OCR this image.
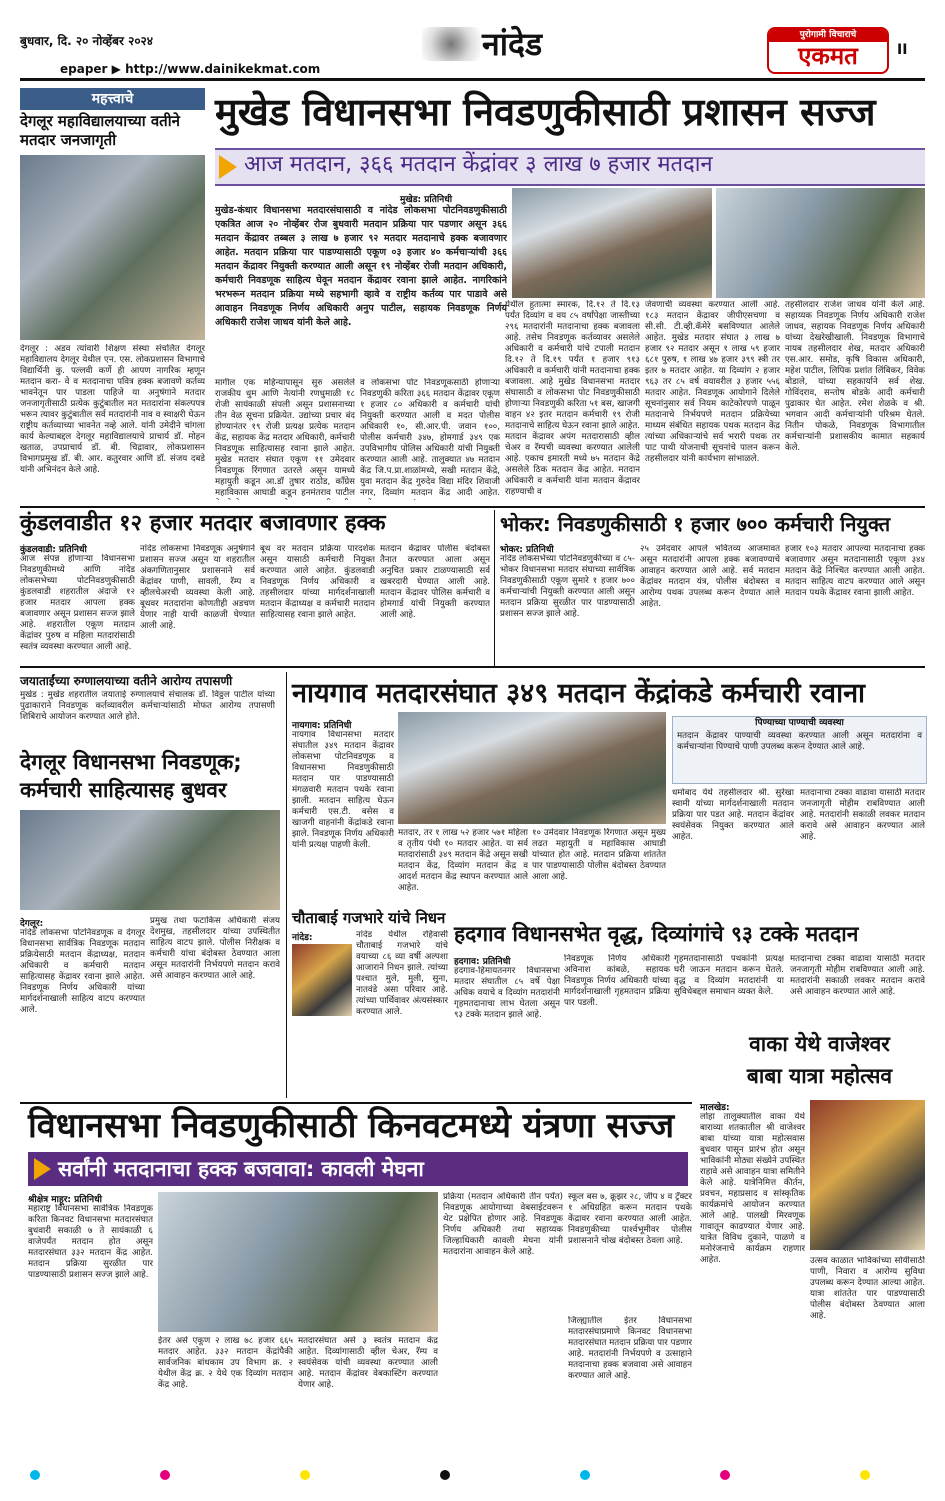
बुधवार, दि. २० नोव्हेंबर २०२४	नांदेड
epaper ▶ http://www.dainikekmat.com
पुरोगामी विचाराचे
एकमत	II
महत्त्वाचे
देगलूर महाविद्यालयाच्या वतीने मतदार जनजागृती
देगलूर : अडव त्यांवारी शिक्षण संस्था संचलित देगलूर महाविद्यालय देगलूर येथील एन. एस. लोकप्रशासन विभागाचे विद्यार्थिनी कु. पल्लवी कर्णे ही आपण नागरिक म्हणून मतदान करा- वे व मतदानाचा पवित्र हक्क बजावणे कर्तव्य भावनेतून पार पाडला पाहिजे या अनुषंगाने मतदार जनजागृतीसाठी प्रत्येक कुटुंबातील मत मतदारांना संकल्पपत्र भरून त्यावर कुटुंबातील सर्व मतदारांनी नाव व स्वाक्षरी घेऊन राष्ट्रीय कर्तव्याच्या भावनेत नव्हे आले. यांनी उमेदीने चांगला कार्य केल्याबद्दल देगलूर महाविद्यालयाचे प्राचार्य डॉ. मोहन खताळ, उपप्राचार्य डॉ. बी. चिद्रावार, लोकप्रशासन विभागप्रमुख डॉ. बी. आर. कतुरवार आणि डॉ. संजय दबडे यांनी अभिनंदन केले आहे.
मुखेड विधानसभा निवडणुकीसाठी प्रशासन सज्ज
आज मतदान, ३६६ मतदान केंद्रांवर ३ लाख ७ हजार मतदान
मुखेड: प्रतिनिधी
मुखेड-कंधार विधानसभा मतदारसंघासाठी व नांदेड लोकसभा पोटनिवडणुकीसाठी एकत्रित आज २० नोव्हेंबर रोज बुधवारी मतदान प्रक्रिया पार पडणार असून ३६६ मतदान केंद्रावर तब्बल ३ लाख ७ हजार ९२ मतदार मतदानाचे हक्क बजावणार आहेत. मतदान प्रक्रिया पार पाडण्यासाठी एकूण ०३ हजार ४० कर्मचाऱ्यांची ३६६ मतदान केंद्रावर नियुक्ती करण्यात आली असून १९ नोव्हेंबर रोजी मतदान अधिकारी, कर्मचारी निवडणूक साहित्य घेवून मतदान केंद्रावर रवाना झाले आहेत. नागरिकांने भरभरून मतदान प्रक्रिया मध्ये सहभागी व्हावे व राष्ट्रीय कर्तव्य पार पाडावे असे आवाहन निवडणूक निर्णय अधिकारी अनुप पाटील, सहायक निवडणूक निर्णय अधिकारी राजेश जाधव यांनी केले आहे.
मागील एक महिन्यापासून सुरु असलेले राजकीय धुम आणि नेत्यांनी रणधुमाळी १८ रोजी सायंकाळी संपली असून प्रशासनाच्या तीन वेळ सूचना प्रक्रियेत. उद्यांच्या प्रचार बंद होण्यानंतर १९ रोजी प्रत्यक्ष प्रत्येक मतदान केंद्र, सहायक केंद्र मतदार अधिकारी, कर्मचारी निवडणूक साहित्यासह रवाना झाले आहेत. मुखेड मतदार संघात एकूण ११ उमेदवार निवडणूक रिंगणात उतरले असून यामध्ये महायुती कडून आ.डॉ तुषार राठोड, काँग्रेस महाविकास आघाडी कडून हनमंतराव पाटील
व लोकसभा पोट निवडणूकसाठी होणाऱ्या निवडणुकी करिता ३६६ मतदान केंद्रावर एकूण १ हजार ८० अधिकारी व कर्मचारी यांची नियुक्ती करण्यात आली व मदत पोलीस अधिकारी १०, सी.आर.पी. जवान १००, पोलीस कर्मचारी ३४७, होमगार्ड ३४९ एक उपविभागीय पोलिस अधिकारी यांची नियुक्ती करण्यात आली आहे. तालुक्यात ४७ मतदान केंद्र जि.प.प्रा.शाळांमध्ये, सखी मतदान केंद्रे, युवा मतदान केंद्र गुरुदेव विद्या मंदिर शिवाजी नगर, दिव्यांग मतदान केंद्र आदी आहेत.
येथील हुतात्मा स्मारक, दि.१२ ते दि.१३ पर्यंत दिव्यांग व वय ८५ वर्षांपेक्षा जास्तीच्या २९६ मतदारांनी मतदानाचा हक्क बजावला आहे. तसेच निवडणूक कर्तव्यावर असलेले अधिकारी व कर्मचारी यांचे टपाली मतदान दि.१२ ते दि.१९ पर्यंत १ हजार ९१३ अधिकारी व कर्मचारी यांनी मतदानाचा हक्क बजावला. आहे मुखेड विधानसभा मतदार संघासाठी व लोकसभा पोट निवडणुकीसाठी होणाऱ्या निवडणुकी करिता ५१ बस, खाजगी वाहन ४२ इतर मतदान कर्मचारी १९ रोजी मतदानाचे साहित्य घेऊन रवाना झाले आहेत. मतदान केंद्रावर अपंग मतदारासाठी व्हील चेअर व रॅम्पची व्यवस्था करण्यात आलेली आहे. एकाच इमारती मध्ये ७५ मतदान केंद्रे असलेले ठिक मतदान केंद्र आहेत. मतदान अधिकारी व कर्मचारी यांना मतदान केंद्रावर राहण्याची व
जेवणाची व्यवस्था करण्यात आली आहे. १८३ मतदान केंद्रावर जीपीएसचणा व सी.सी. टी.व्ही.कॅमेरे बसविण्यात आलेले आहेत. मुखेड मतदार संघात ३ लाख ७ हजार ९२ मतदार असून १ लाख ५९ हजार ६८१ पुरुष, १ लाख ४७ हजार ३९९ स्त्री तर इतर ७ मतदार आहेत. या दिव्यांग २ हजार ९६३ तर ८५ वर्ष वयावरील ३ हजार ५५६ मतदार आहेत. निवडणूक आयोगाने दिलेले सूचनांनुसार सर्व नियम काटेकोरपणे पाळून मतदानाचे निर्भयपणे मतदान प्रक्रियेच्या माध्यम संबंधित सहायक पथक मतदान केंद्र त्यांच्या अधिकाऱ्यांचे सर्व भरारी पथक तर पाट पाथी योजनाची सूचनांचे पालन करून तहसीलदार यांनी कार्यभाग सांभाळले.
तहसीलदार राजेश जाधव यांनी केले आहे. सहाय्यक निवडणूक निर्णय अधिकारी राजेश जाधव, सहायक निवडणूक निर्णय अधिकारी यांच्या देखरेखीखाली. निवडणूक विभागाचे नायब तहसीलदार शेख, मतदार अधिकारी एस.आर. समोड, कृषि विकास अधिकारी, महेश पाटील, लिपिक प्रशांत लिंबिकर, विवेक बोडाले, यांच्या सहकार्याने सर्व शेख. गोविंदराव, सन्तोष बोडके आदी कर्मचारी पुढाकार घेत आहेत. रमेश शेळके व श्री. भगवान आदी कर्मचाऱ्यांनी परिश्रम घेतले. नितीन पोकळे, निवडणूक विभागातील कर्मचाऱ्यांनी प्रशासकीय कामात सहकार्य केले.
कुंडलवाडीत १२ हजार मतदार बजावणार हक्क
कुंडलवाडी: प्रतिनिधी
आज संपन्न होणाऱ्या विधानसभा निवडणुकीमध्ये आणि नांदेड लोकसभेच्या पोटनिवडणुकीसाठी कुंडलवाडी शहरातील अंदाजे १२ हजार मतदार आपला हक्क बजावणार असून प्रशासन सज्ज झाले आहे. शहरातील एकूण मतदान केंद्रांवर पुरुष व महिला मतदारांसाठी स्वतंत्र व्यवस्था करण्यात आली आहे.
नांदेड लोकसभा निवडणूक अनुषंगाने प्रशासन सज्ज असून या शहरातील अंकगणितानुसार प्रशासनाने सर्व केंद्रांवर पाणी, सावली, रॅम्प व व्हीलचेअरची व्यवस्था केली आहे. बूथवर मतदारांना कोणतीही अडचण येणार नाही याची काळजी घेण्यात आली आहे.
बूथ वर मतदान प्रक्रिया पारदर्शक असून यासाठी कर्मचारी नियुक्त करण्यात आले आहेत. कुंडलवाडी निवडणूक निर्णय अधिकारी व तहसीलदार यांच्या मार्गदर्शनाखाली मतदान केंद्राध्यक्ष व कर्मचारी मतदान साहित्यासह रवाना झाले आहेत.
मतदान केंद्रावर पोलीस बंदोबस्त तैनात करण्यात आला असून अनुचित प्रकार टाळण्यासाठी सर्व खबरदारी घेण्यात आली आहे. मतदान केंद्रावर पोलिस कर्मचारी व होमगार्ड यांची नियुक्ती करण्यात आली आहे.
भोकर: निवडणुकीसाठी १ हजार ७०० कर्मचारी नियुक्त
भोकर: प्रतिनिधी
नांदेड लोकसभेच्या पोटनिवडणुकीच्या व ८५-भोकर विधानसभा मतदार संघाच्या सार्वत्रिक निवडणुकीसाठी एकूण सुमारे १ हजार ७०० कर्मचाऱ्यांची नियुक्ती करण्यात आली असून मतदान प्रक्रिया सुरळीत पार पाडण्यासाठी प्रशासन सज्ज झाले आहे.
२५ उमेदवार आपले भवितव्य आजमावत असून मतदारांनी आपला हक्क बजावण्याचे आवाहन करण्यात आले आहे. सर्व मतदान केंद्रांवर मतदान यंत्र, पोलीस बंदोबस्त व आरोग्य पथक उपलब्ध करून देण्यात आले आहेत.
हजार १०३ मतदार आपल्या मतदानाचा हक्क बजावणार असून मतदानासाठी एकूण ३४४ मतदान केंद्रे निश्चित करण्यात आली आहेत. मतदान साहित्य वाटप करण्यात आले असून मतदान पथके केंद्रावर रवाना झाली आहेत.
जयाताईंच्या रुग्णालयाच्या वतीने आरोग्य तपासणी
मुखेड : मुखेड शहरातील जयाताई रुग्णालयाचे संचालक डॉ. विठ्ठल पाटील यांच्या पुढाकाराने निवडणूक कर्तव्यावरील कर्मचाऱ्यांसाठी मोफत आरोग्य तपासणी शिबिराचे आयोजन करण्यात आले होते.
देगलूर विधानसभा निवडणूक; कर्मचारी साहित्यासह बुधवर
देगलूर:
नांदेड लोकसभा पोटनिवडणूक व देगलूर विधानसभा सार्वत्रिक निवडणूक मतदान प्रक्रियेसाठी मतदान केंद्राध्यक्ष, मतदान अधिकारी व कर्मचारी मतदान साहित्यासह केंद्रावर रवाना झाले आहेत. निवडणूक निर्णय अधिकारी यांच्या मार्गदर्शनाखाली साहित्य वाटप करण्यात आले.
प्रमुख तथा फटाकिस अधिकारी संजय देशमुख, तहसीलदार यांच्या उपस्थितीत साहित्य वाटप झाले. पोलीस निरीक्षक व कर्मचारी यांचा बंदोबस्त ठेवण्यात आला असून मतदारांनी निर्भयपणे मतदान करावे असे आवाहन करण्यात आले आहे.
नायगाव मतदारसंघात ३४९ मतदान केंद्रांकडे कर्मचारी रवाना
नायगाव: प्रतिनिधी
नायगाव विधानसभा मतदार संघातील ३४९ मतदान केंद्रावर लोकसभा पोटनिवडणूक व विधानसभा निवडणुकीसाठी मतदान पार पाडण्यासाठी मंगळवारी मतदान पथके रवाना झाली. मतदान साहित्य घेऊन कर्मचारी एस.टी. बसेस व खाजगी वाहनांनी केंद्रांकडे रवाना झाले. निवडणूक निर्णय अधिकारी यांनी प्रत्यक्ष पाहणी केली.
मतदार, तर १ लाख ५२ हजार ५७१ महिला व तृतीय पंथी १० मतदार आहेत. या सर्व मतदारांसाठी ३४९ मतदान केंद्रे असून सखी मतदान केंद्र, दिव्यांग मतदान केंद्र व आदर्श मतदान केंद्र स्थापन करण्यात आले आहेत.
१० उमेदवार निवडणूक रिंगणात असून मुख्य लढत महायुती व महाविकास आघाडी यांच्यात होत आहे. मतदान प्रक्रिया शांततेत पार पाडण्यासाठी पोलीस बंदोबस्त ठेवण्यात आला आहे.
पिण्याच्या पाण्याची व्यवस्था
मतदान केंद्रावर पाण्याची व्यवस्था करण्यात आली असून मतदारांना व कर्मचाऱ्यांना पिण्याचे पाणी उपलब्ध करून देण्यात आले आहे.
धर्माबाद येथे तहसीलदार श्री. सुरेखा स्वामी यांच्या मार्गदर्शनाखाली मतदान प्रक्रिया पार पडत आहे. मतदान केंद्रांवर स्वयंसेवक नियुक्त करण्यात आले आहेत.
मतदानाचा टक्का वाढावा यासाठी मतदार जनजागृती मोहीम राबविण्यात आली आहे. मतदारांनी सकाळी लवकर मतदान करावे असे आवाहन करण्यात आले आहे.
चौताबाई गजभारे यांचे निधन
नांदेड:	नांदेड येथील रहिवासी चौताबाई गजभारे यांचे वयाच्या ८६ व्या वर्षी अल्पशा आजाराने निधन झाले. त्यांच्या पश्चात मुले, मुली, सुना, नातवंडे असा परिवार आहे. त्यांच्या पार्थिवावर अंत्यसंस्कार करण्यात आले.
हदगाव विधानसभेत वृद्ध, दिव्यांगांचे ९३ टक्के मतदान
हदगाव: प्रतिनिधी
हदगाव-हिमायतनगर विधानसभा मतदार संघातील ८५ वर्षे पेक्षा अधिक वयाचे व दिव्यांग मतदारांनी गृहमतदानाचा लाभ घेतला असून ९३ टक्के मतदान झाले आहे.
निवडणूक निर्णय अधिकारी अविनाश कांबळे, सहायक निवडणूक निर्णय अधिकारी यांच्या मार्गदर्शनाखाली गृहमतदान प्रक्रिया पार पडली.
गृहमतदानासाठी पथकांनी प्रत्यक्ष घरी जाऊन मतदान करून घेतले. वृद्ध व दिव्यांग मतदारांनी या सुविधेबद्दल समाधान व्यक्त केले.
मतदानाचा टक्का वाढावा यासाठी मतदार जनजागृती मोहीम राबविण्यात आली आहे. मतदारांनी सकाळी लवकर मतदान करावे असे आवाहन करण्यात आले आहे.
वाका येथे वाजेश्वर
बाबा यात्रा महोत्सव
मालखेड:
लोहा तालुक्यातील वाका येथे बाराव्या शतकातील श्री वाजेश्वर बाबा यांच्या यात्रा महोत्सवास बुधवार पासून प्रारंभ होत असून भाविकांनी मोठ्या संख्येने उपस्थित राहावे असे आवाहन यात्रा समितीने केले आहे. यात्रेनिमित्त कीर्तन, प्रवचन, महाप्रसाद व सांस्कृतिक कार्यक्रमांचे आयोजन करण्यात आले आहे. पालखी मिरवणूक गावातून काढण्यात येणार आहे. यात्रेत विविध दुकाने, पाळणे व मनोरंजनाचे कार्यक्रम राहणार आहेत.	उत्सव काळात भाविकांच्या सोयीसाठी पाणी, निवारा व आरोग्य सुविधा उपलब्ध करून देण्यात आल्या आहेत. यात्रा शांततेत पार पाडण्यासाठी पोलीस बंदोबस्त ठेवण्यात आला आहे.
विधानसभा निवडणुकीसाठी किनवटमध्ये यंत्रणा सज्ज
सर्वांनी मतदानाचा हक्क बजवावा: कावली मेघना
श्रीक्षेत्र माहूर: प्रतिनिधी
महाराष्ट्र विधानसभा सार्वत्रिक निवडणूक करिता किनवट विधानसभा मतदारसंघात बुधवारी सकाळी ७ ते सायंकाळी ६ वाजेपर्यंत मतदान होत असून मतदारसंघात ३३२ मतदान केंद्र आहेत. मतदान प्रक्रिया सुरळीत पार पाडण्यासाठी प्रशासन सज्ज झाले आहे.
ईतर असे एकूण २ लाख ७८ हजार ६६५ मतदार आहेत. ३३२ मतदान केंद्रांपैकी सार्वजनिक बांधकाम उप विभाग क्र. २ येथील केंद्र क्र. २ येथे एक दिव्यांग मतदान केंद्र आहे.
मतदारसंघात असे ३ स्वतंत्र मतदान केंद्र आहेत. दिव्यांगासाठी व्हील चेअर, रॅम्प व स्वयंसेवक यांची व्यवस्था करण्यात आली आहे. मतदान केंद्रांवर वेबकास्टिंग करण्यात येणार आहे.
प्रक्रिया (मतदान अधिकारी तीन पर्यंत) निवडणूक आयोगाच्या वेबसाईटवरून थेट प्रक्षेपित होणार आहे. निवडणूक निर्णय अधिकारी तथा सहाय्यक जिल्हाधिकारी कावली मेघना यांनी मतदारांना आवाहन केले आहे.
स्कूल बस ७, क्रूझर २८, जीप ४ व ट्रॅक्टर १ अधिग्रहित करून मतदान पथके केंद्रावर रवाना करण्यात आली आहेत. निवडणुकीच्या पार्श्वभूमीवर पोलीस प्रशासनाने चोख बंदोबस्त ठेवला आहे.
जिल्ह्यातील ईतर विधानसभा मतदारसंघाप्रमाणे किनवट विधानसभा मतदारसंघात मतदान प्रक्रिया पार पडणार आहे. मतदारांनी निर्भयपणे व उत्साहाने मतदानाचा हक्क बजवावा असे आवाहन करण्यात आले आहे.
